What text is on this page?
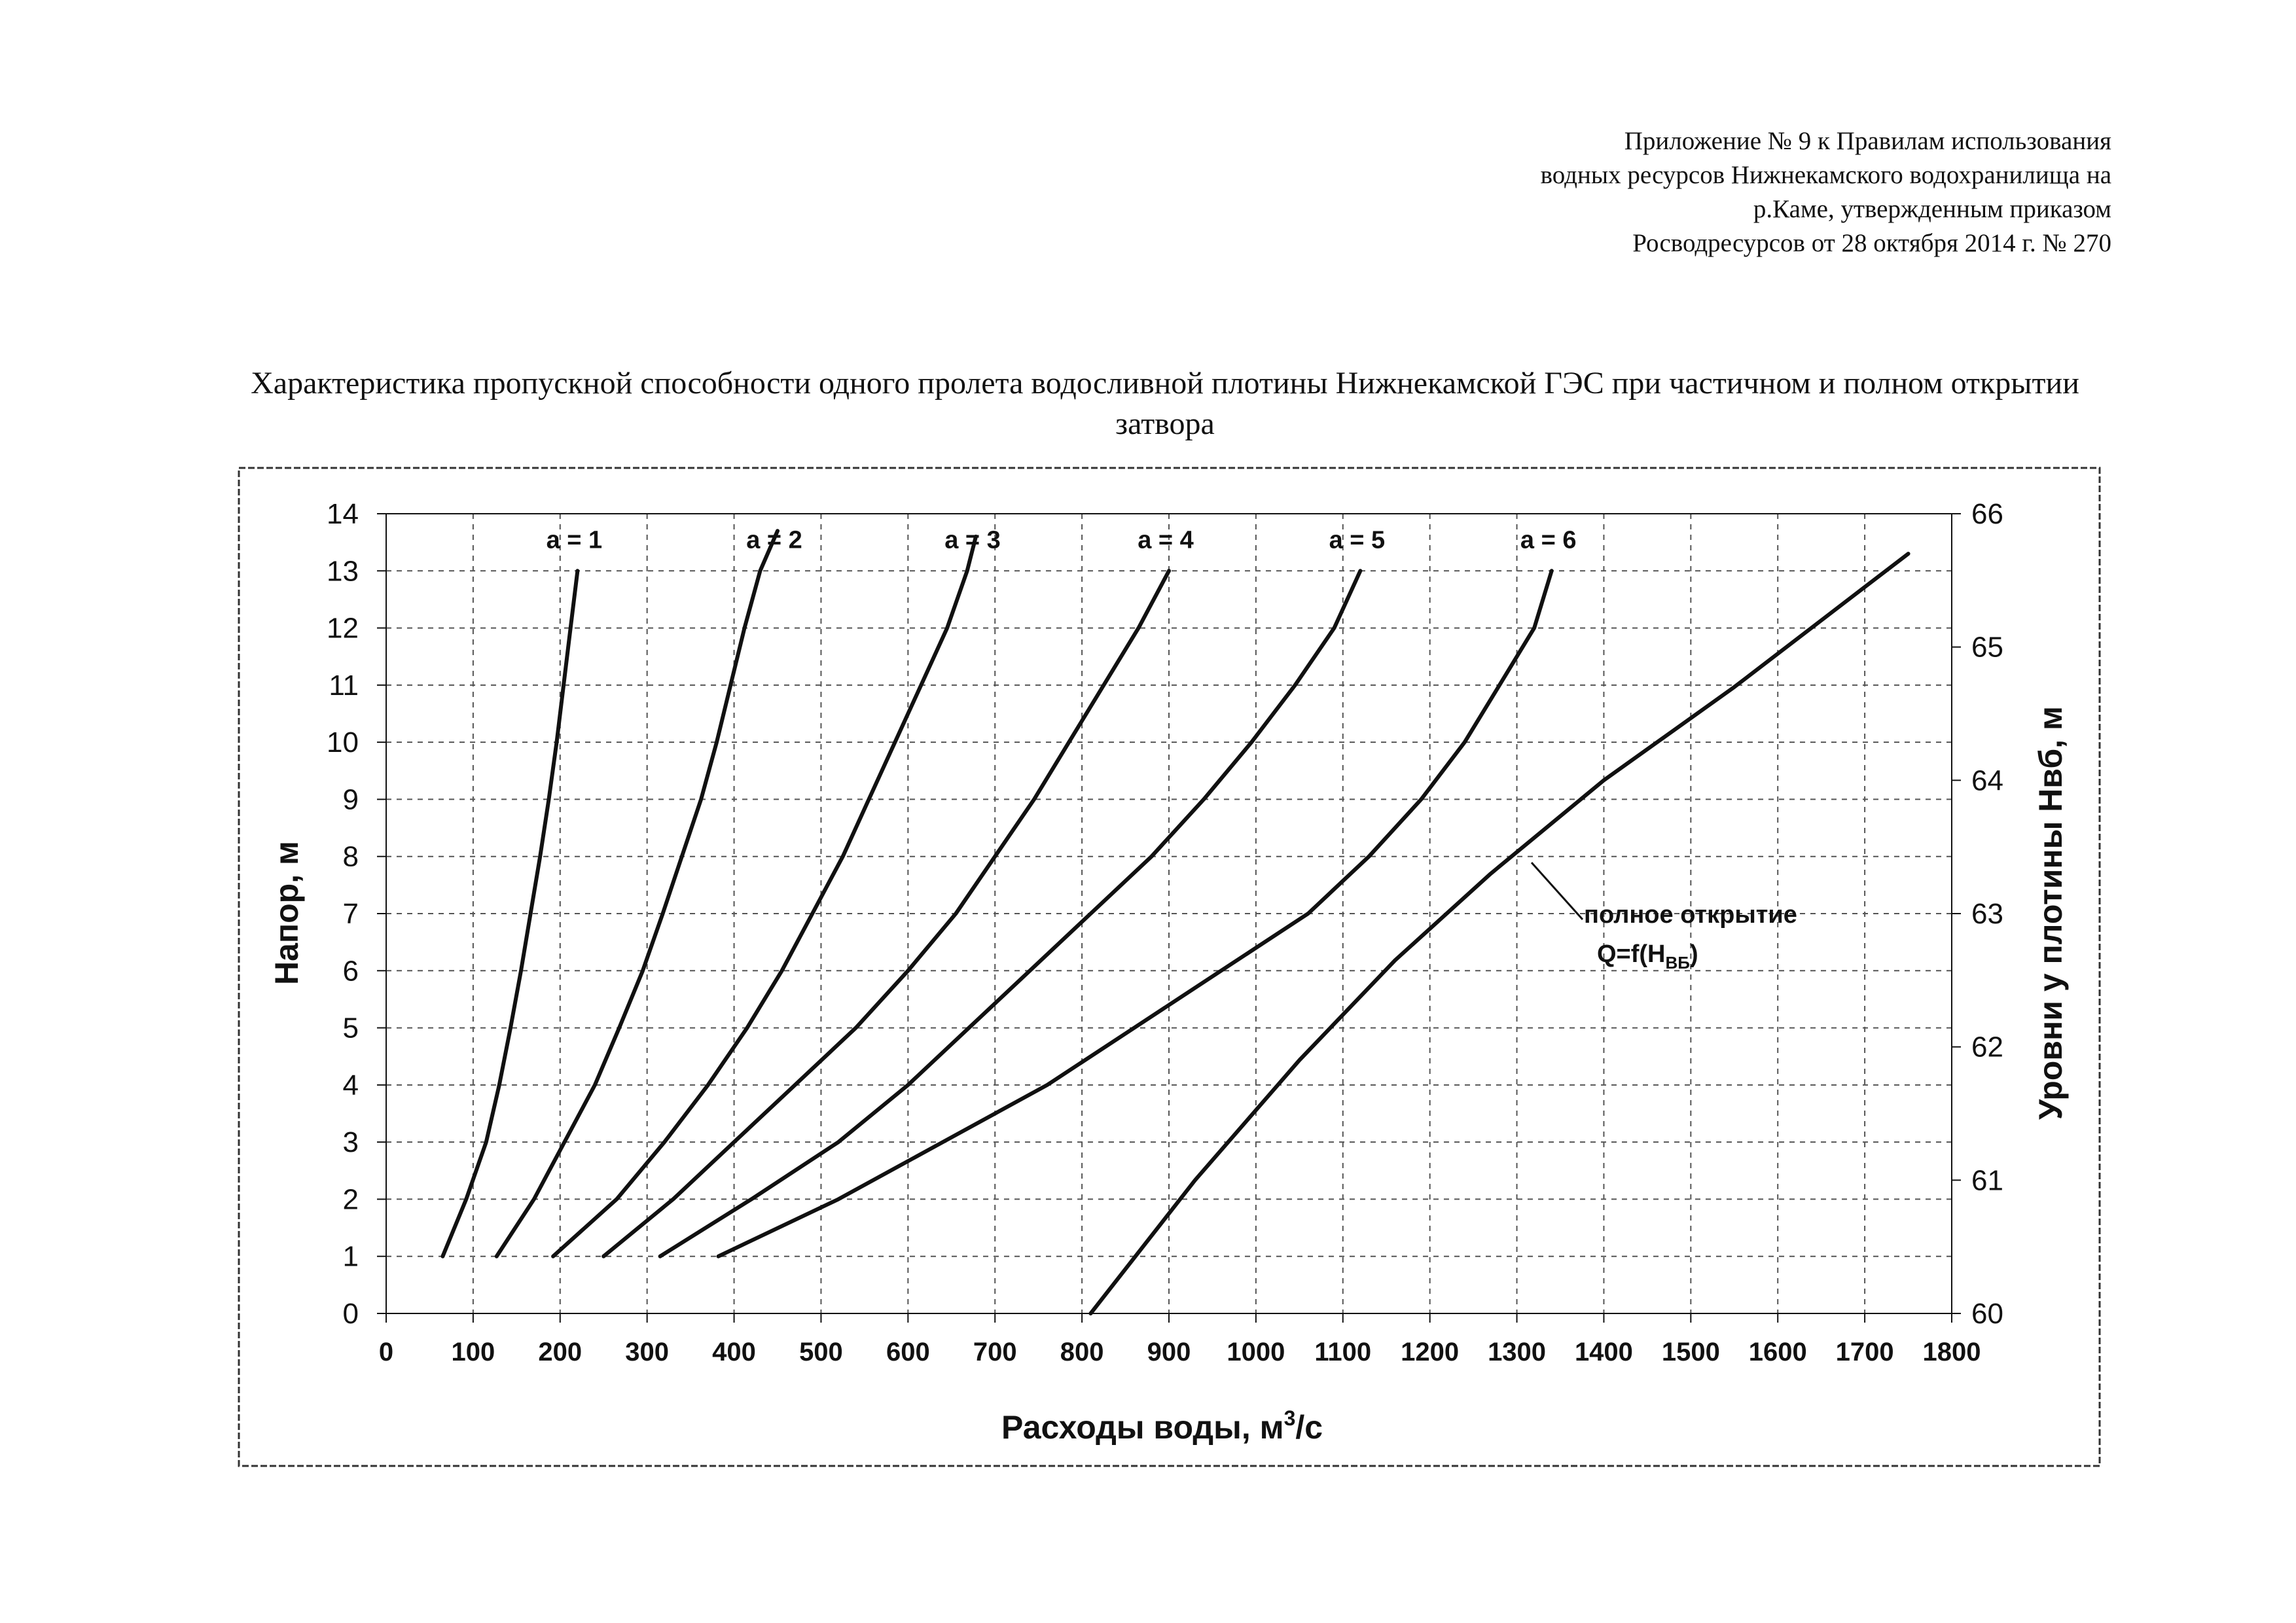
Приложение № 9 к Правилам использования
водных ресурсов Нижнекамского водохранилища на
р.Каме, утвержденным приказом
Росводресурсов от 28 октября 2014 г. № 270
Характеристика пропускной способности одного пролета водосливной плотины Нижнекамской ГЭС при частичном и полном открытии затвора
0 100 200 300 400 500 600 700 800 900 1000 1100 1200 1300 1400 1500 1600 1700 1800
0
1
2
3
4
5
6
7
8
9
10
11
12
13
14
60
61
62
63
64
65
66
a = 1	a = 2	a = 3	a = 4	a = 5	a = 6
Напор, м	Уровни у плотины Нвб, м
Расходы воды, $м^3/с$
полное открытие
$Q=f(H_{ВБ})$
